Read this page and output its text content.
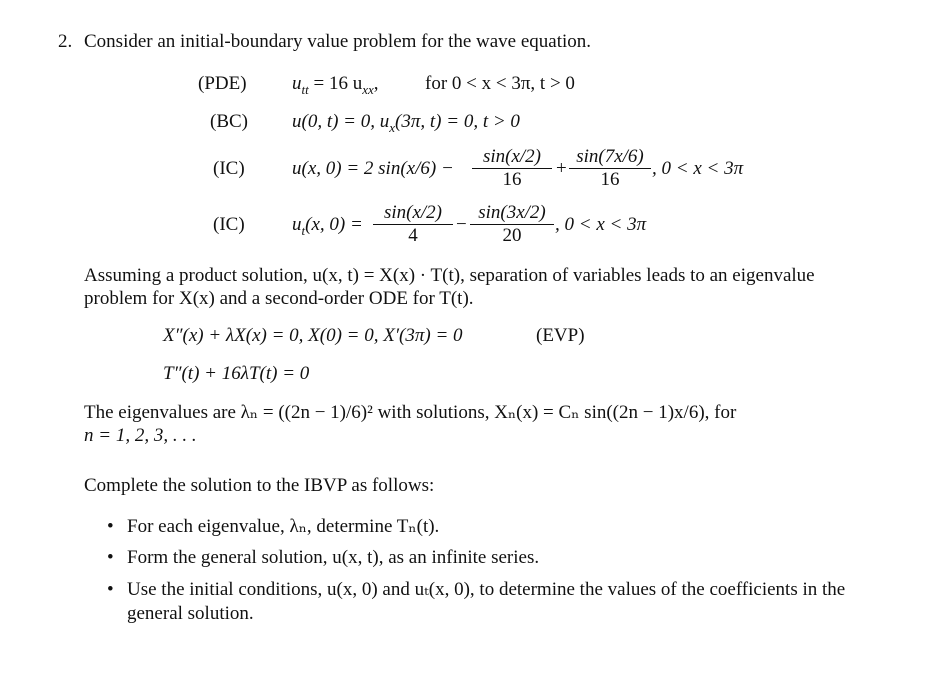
2. Consider an initial-boundary value problem for the wave equation.
(PDE) $u_{tt} = 16$ $u_{xx}$, for 0 < x < 3π, t > 0
(BC) u(0, t) = 0, $u_x(3\pi$, t) = 0, t > 0
(IC) u(x, 0) = 2 $\sin(x/6) - \frac{\sin(x/2)}{16} + \frac{\sin(7x/6)}{16}$ , 0 < x < 3π
(IC) $u_t(x$, $0) = \frac{\sin(x/2)}{4} - \frac{\sin(3x/2)}{20}$ , 0 < x < 3π
Assuming a product solution, u(x, t) = X(x) · T(t), separation of variables leads to an eigenvalue
problem for X(x) and a second-order ODE for T(t).
X″(x) + λX(x) = 0, X(0) = 0, X′(3π) = 0	(EVP)
T″(t) + 16λT(t) = 0
The eigenvalues are λₙ = ((2n − 1)/6)² with solutions, Xₙ(x) = Cₙ sin((2n − 1)x/6), for
n = 1, 2, 3, . . .
Complete the solution to the IBVP as follows:
• For each eigenvalue, λₙ, determine Tₙ(t).
• Form the general solution, u(x, t), as an infinite series.
• Use the initial conditions, u(x, 0) and uₜ(x, 0), to determine the values of the coefficients in the
general solution.
